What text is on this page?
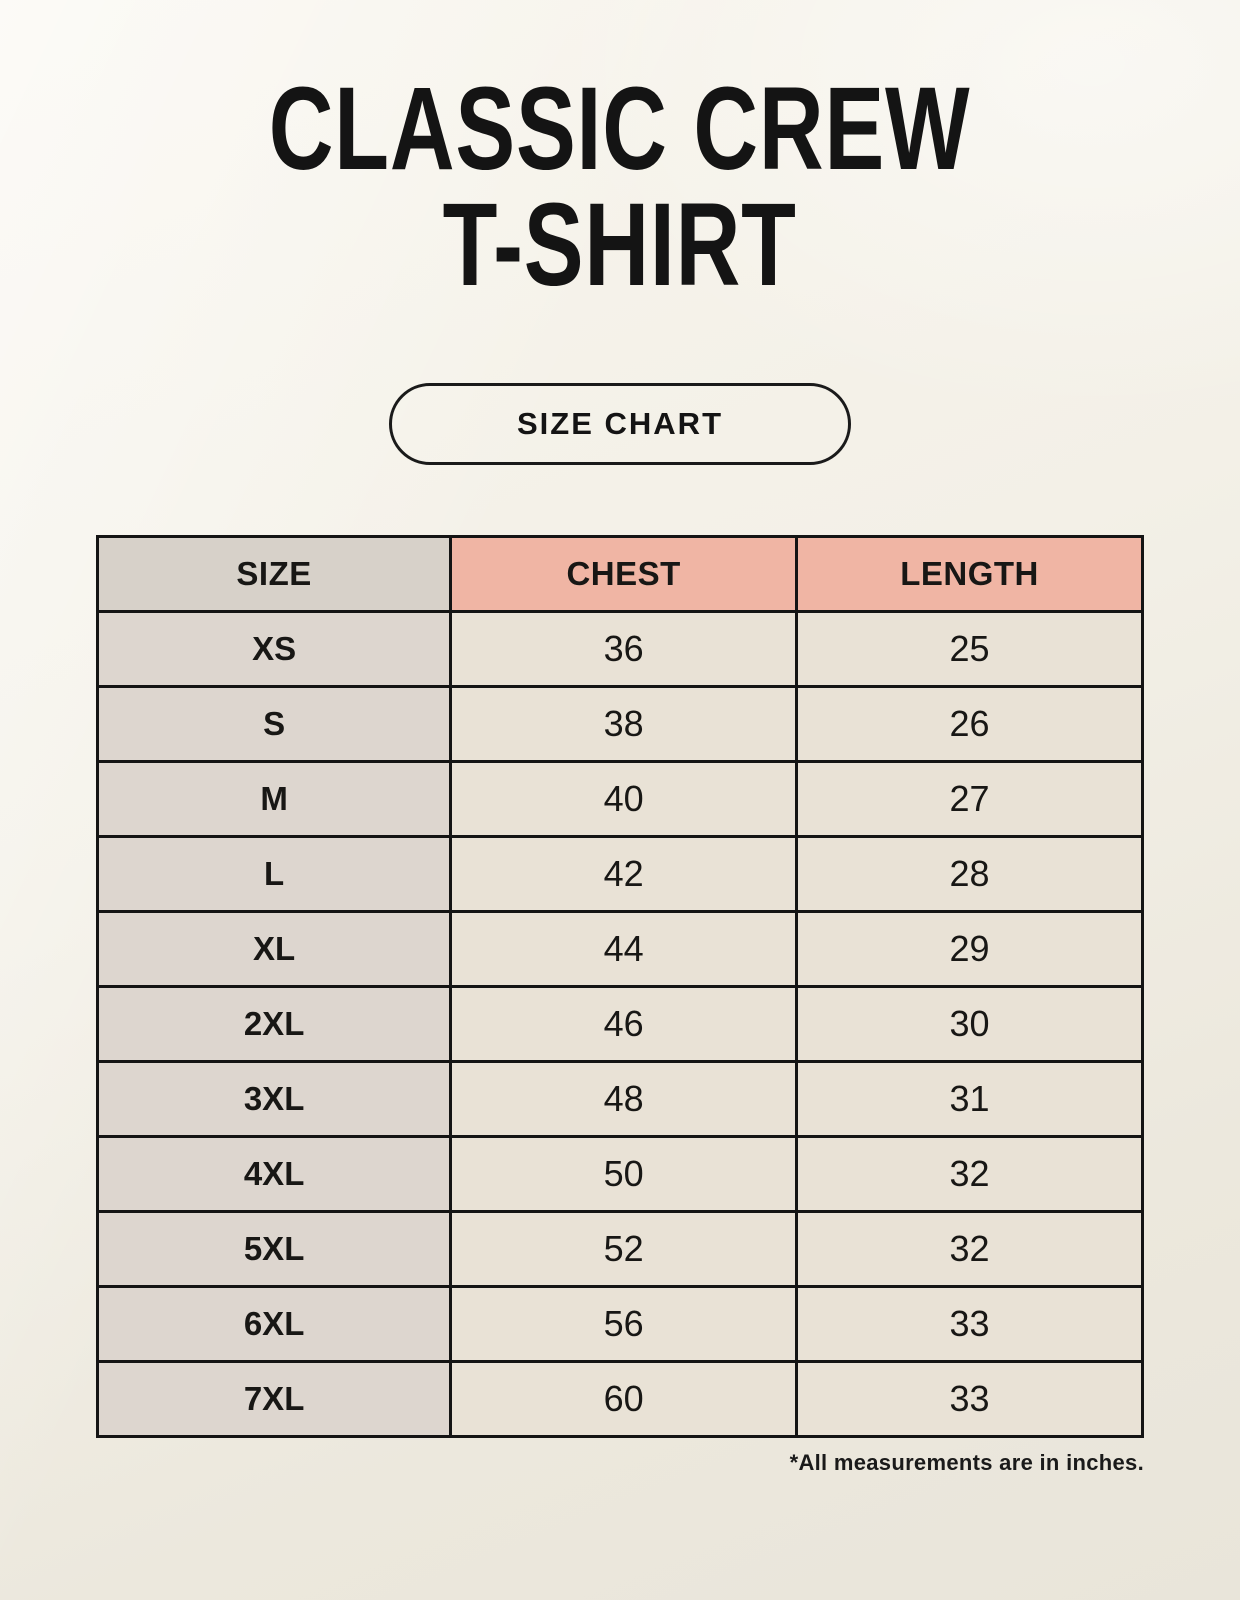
CLASSIC CREW
T-SHIRT
SIZE CHART
SIZE	CHEST	LENGTH
XS	36	25
S	38	26
M	40	27
L	42	28
XL	44	29
2XL	46	30
3XL	48	31
4XL	50	32
5XL	52	32
6XL	56	33
7XL	60	33
*All measurements are in inches.
